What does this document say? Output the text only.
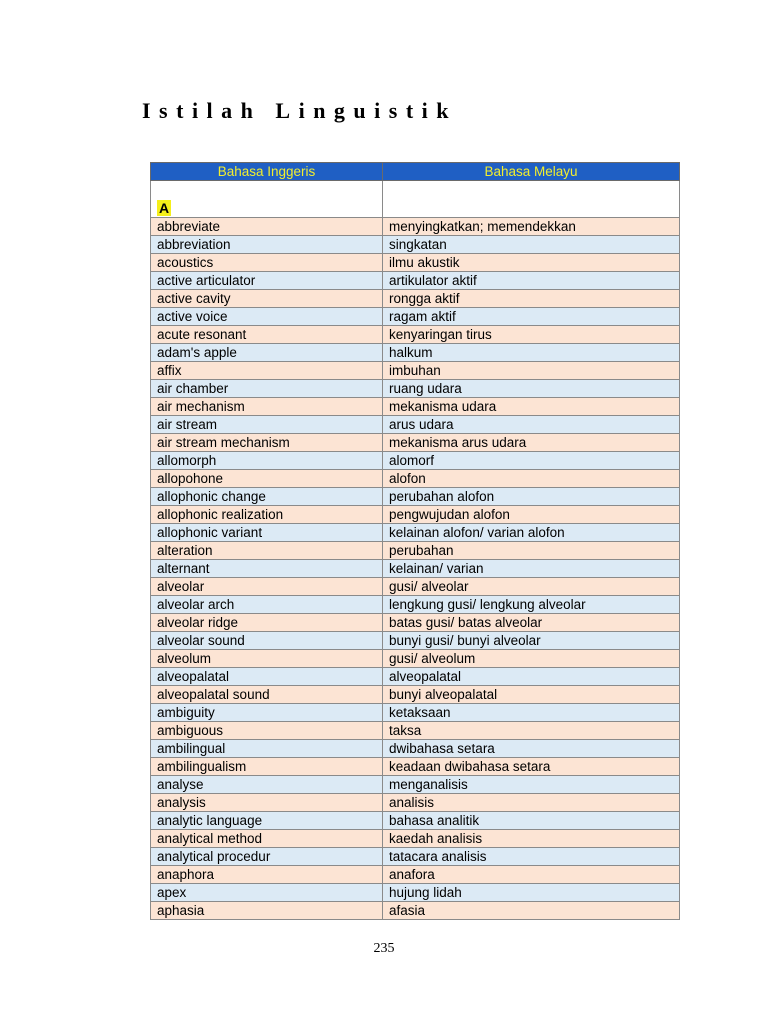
Istilah Linguistik
Bahasa Inggeris	Bahasa Melayu
A	
abbreviate	menyingkatkan; memendekkan
abbreviation	singkatan
acoustics	ilmu akustik
active articulator	artikulator aktif
active cavity	rongga aktif
active voice	ragam aktif
acute resonant	kenyaringan tirus
adam's apple	halkum
affix	imbuhan
air chamber	ruang udara
air mechanism	mekanisma udara
air stream	arus udara
air stream mechanism	mekanisma arus udara
allomorph	alomorf
allopohone	alofon
allophonic change	perubahan alofon
allophonic realization	pengwujudan alofon
allophonic variant	kelainan alofon/ varian alofon
alteration	perubahan
alternant	kelainan/ varian
alveolar	gusi/ alveolar
alveolar arch	lengkung gusi/ lengkung alveolar
alveolar ridge	batas gusi/ batas alveolar
alveolar sound	bunyi gusi/ bunyi alveolar
alveolum	gusi/ alveolum
alveopalatal	alveopalatal
alveopalatal sound	bunyi alveopalatal
ambiguity	ketaksaan
ambiguous	taksa
ambilingual	dwibahasa setara
ambilingualism	keadaan dwibahasa setara
analyse	menganalisis
analysis	analisis
analytic language	bahasa analitik
analytical method	kaedah analisis
analytical procedur	tatacara analisis
anaphora	anafora
apex	hujung lidah
aphasia	afasia
235
